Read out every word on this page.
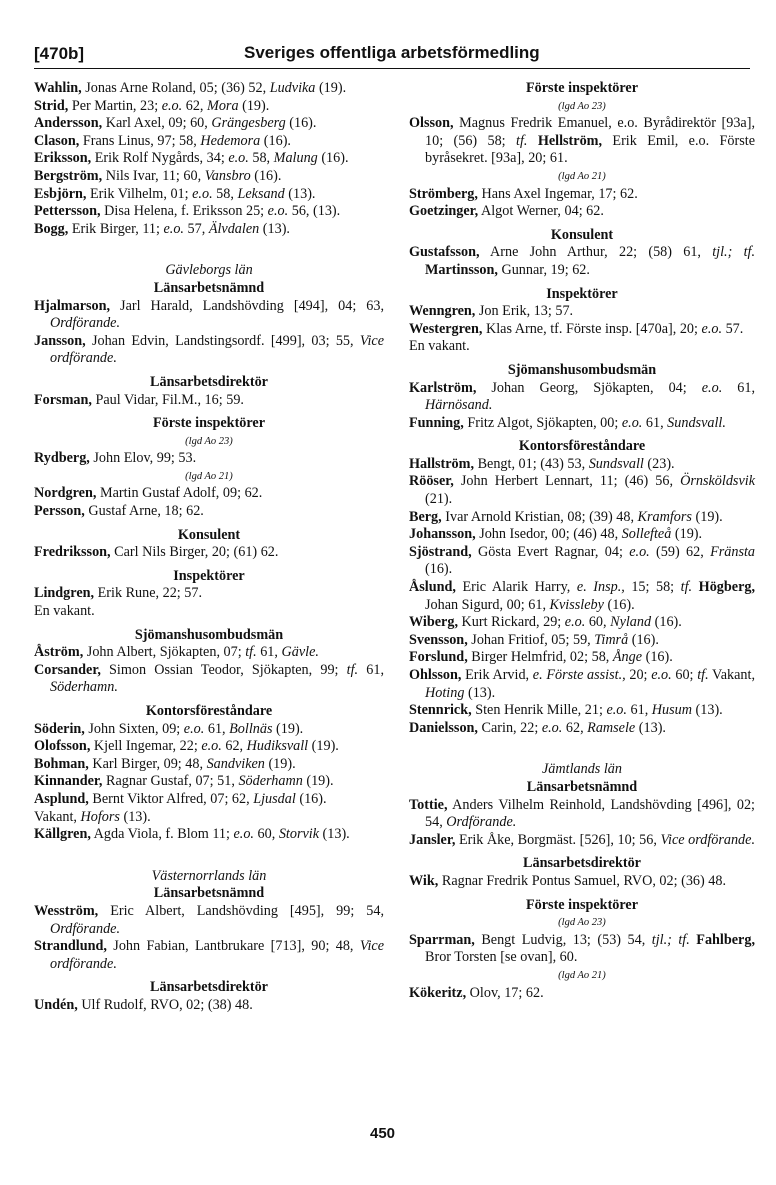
[470b]	Sveriges offentliga arbetsförmedling

Wahlin, Jonas Arne Roland, 05; (36) 52, Ludvika (19).

Strid, Per Martin, 23; e.o. 62, Mora (19).

Andersson, Karl Axel, 09; 60, Grängesberg (16).

Clason, Frans Linus, 97; 58, Hedemora (16).

Eriksson, Erik Rolf Nygårds, 34; e.o. 58, Malung (16).

Bergström, Nils Ivar, 11; 60, Vansbro (16).

Esbjörn, Erik Vilhelm, 01; e.o. 58, Leksand (13).

Pettersson, Disa Helena, f. Eriksson 25; e.o. 56, (13).

Bogg, Erik Birger, 11; e.o. 57, Älvdalen (13).

Gävleborgs län

Länsarbetsnämnd

Hjalmarson, Jarl Harald, Landshövding [494], 04; 63, Ordförande.

Jansson, Johan Edvin, Landstingsordf. [499], 03; 55, Vice ordförande.

Länsarbetsdirektör

Forsman, Paul Vidar, Fil.M., 16; 59.

Förste inspektörer

(lgd Ao 23)

Rydberg, John Elov, 99; 53.

(lgd Ao 21)

Nordgren, Martin Gustaf Adolf, 09; 62.

Persson, Gustaf Arne, 18; 62.

Konsulent

Fredriksson, Carl Nils Birger, 20; (61) 62.

Inspektörer

Lindgren, Erik Rune, 22; 57.

En vakant.

Sjömanshusombudsmän

Åström, John Albert, Sjökapten, 07; tf. 61, Gävle.

Corsander, Simon Ossian Teodor, Sjökapten, 99; tf. 61, Söderhamn.

Kontorsföreståndare

Söderin, John Sixten, 09; e.o. 61, Bollnäs (19).

Olofsson, Kjell Ingemar, 22; e.o. 62, Hudiksvall (19).

Bohman, Karl Birger, 09; 48, Sandviken (19).

Kinnander, Ragnar Gustaf, 07; 51, Söderhamn (19).

Asplund, Bernt Viktor Alfred, 07; 62, Ljusdal (16).

Vakant, Hofors (13).

Källgren, Agda Viola, f. Blom 11; e.o. 60, Storvik (13).

Västernorrlands län

Länsarbetsnämnd

Wesström, Eric Albert, Landshövding [495], 99; 54, Ordförande.

Strandlund, John Fabian, Lantbrukare [713], 90; 48, Vice ordförande.

Länsarbetsdirektör

Undén, Ulf Rudolf, RVO, 02; (38) 48.

Förste inspektörer

(lgd Ao 23)

Olsson, Magnus Fredrik Emanuel, e.o. Byrådirektör [93a], 10; (56) 58; tf. Hellström, Erik Emil, e.o. Förste byråsekret. [93a], 20; 61.

(lgd Ao 21)

Strömberg, Hans Axel Ingemar, 17; 62.

Goetzinger, Algot Werner, 04; 62.

Konsulent

Gustafsson, Arne John Arthur, 22; (58) 61, tjl.; tf. Martinsson, Gunnar, 19; 62.

Inspektörer

Wenngren, Jon Erik, 13; 57.

Westergren, Klas Arne, tf. Förste insp. [470a], 20; e.o. 57.

En vakant.

Sjömanshusombudsmän

Karlström, Johan Georg, Sjökapten, 04; e.o. 61, Härnösand.

Funning, Fritz Algot, Sjökapten, 00; e.o. 61, Sundsvall.

Kontorsföreståndare

Hallström, Bengt, 01; (43) 53, Sundsvall (23).

Rööser, John Herbert Lennart, 11; (46) 56, Örnsköldsvik (21).

Berg, Ivar Arnold Kristian, 08; (39) 48, Kramfors (19).

Johansson, John Isedor, 00; (46) 48, Sollefteå (19).

Sjöstrand, Gösta Evert Ragnar, 04; e.o. (59) 62, Fränsta (16).

Åslund, Eric Alarik Harry, e. Insp., 15; 58; tf. Högberg, Johan Sigurd, 00; 61, Kvissleby (16).

Wiberg, Kurt Rickard, 29; e.o. 60, Nyland (16).

Svensson, Johan Fritiof, 05; 59, Timrå (16).

Forslund, Birger Helmfrid, 02; 58, Ånge (16).

Ohlsson, Erik Arvid, e. Förste assist., 20; e.o. 60; tf. Vakant, Hoting (13).

Stennrick, Sten Henrik Mille, 21; e.o. 61, Husum (13).

Danielsson, Carin, 22; e.o. 62, Ramsele (13).

Jämtlands län

Länsarbetsnämnd

Tottie, Anders Vilhelm Reinhold, Landshövding [496], 02; 54, Ordförande.

Jansler, Erik Åke, Borgmäst. [526], 10; 56, Vice ordförande.

Länsarbetsdirektör

Wik, Ragnar Fredrik Pontus Samuel, RVO, 02; (36) 48.

Förste inspektörer

(lgd Ao 23)

Sparrman, Bengt Ludvig, 13; (53) 54, tjl.; tf. Fahlberg, Bror Torsten [se ovan], 60.

(lgd Ao 21)

Kökeritz, Olov, 17; 62.

450
